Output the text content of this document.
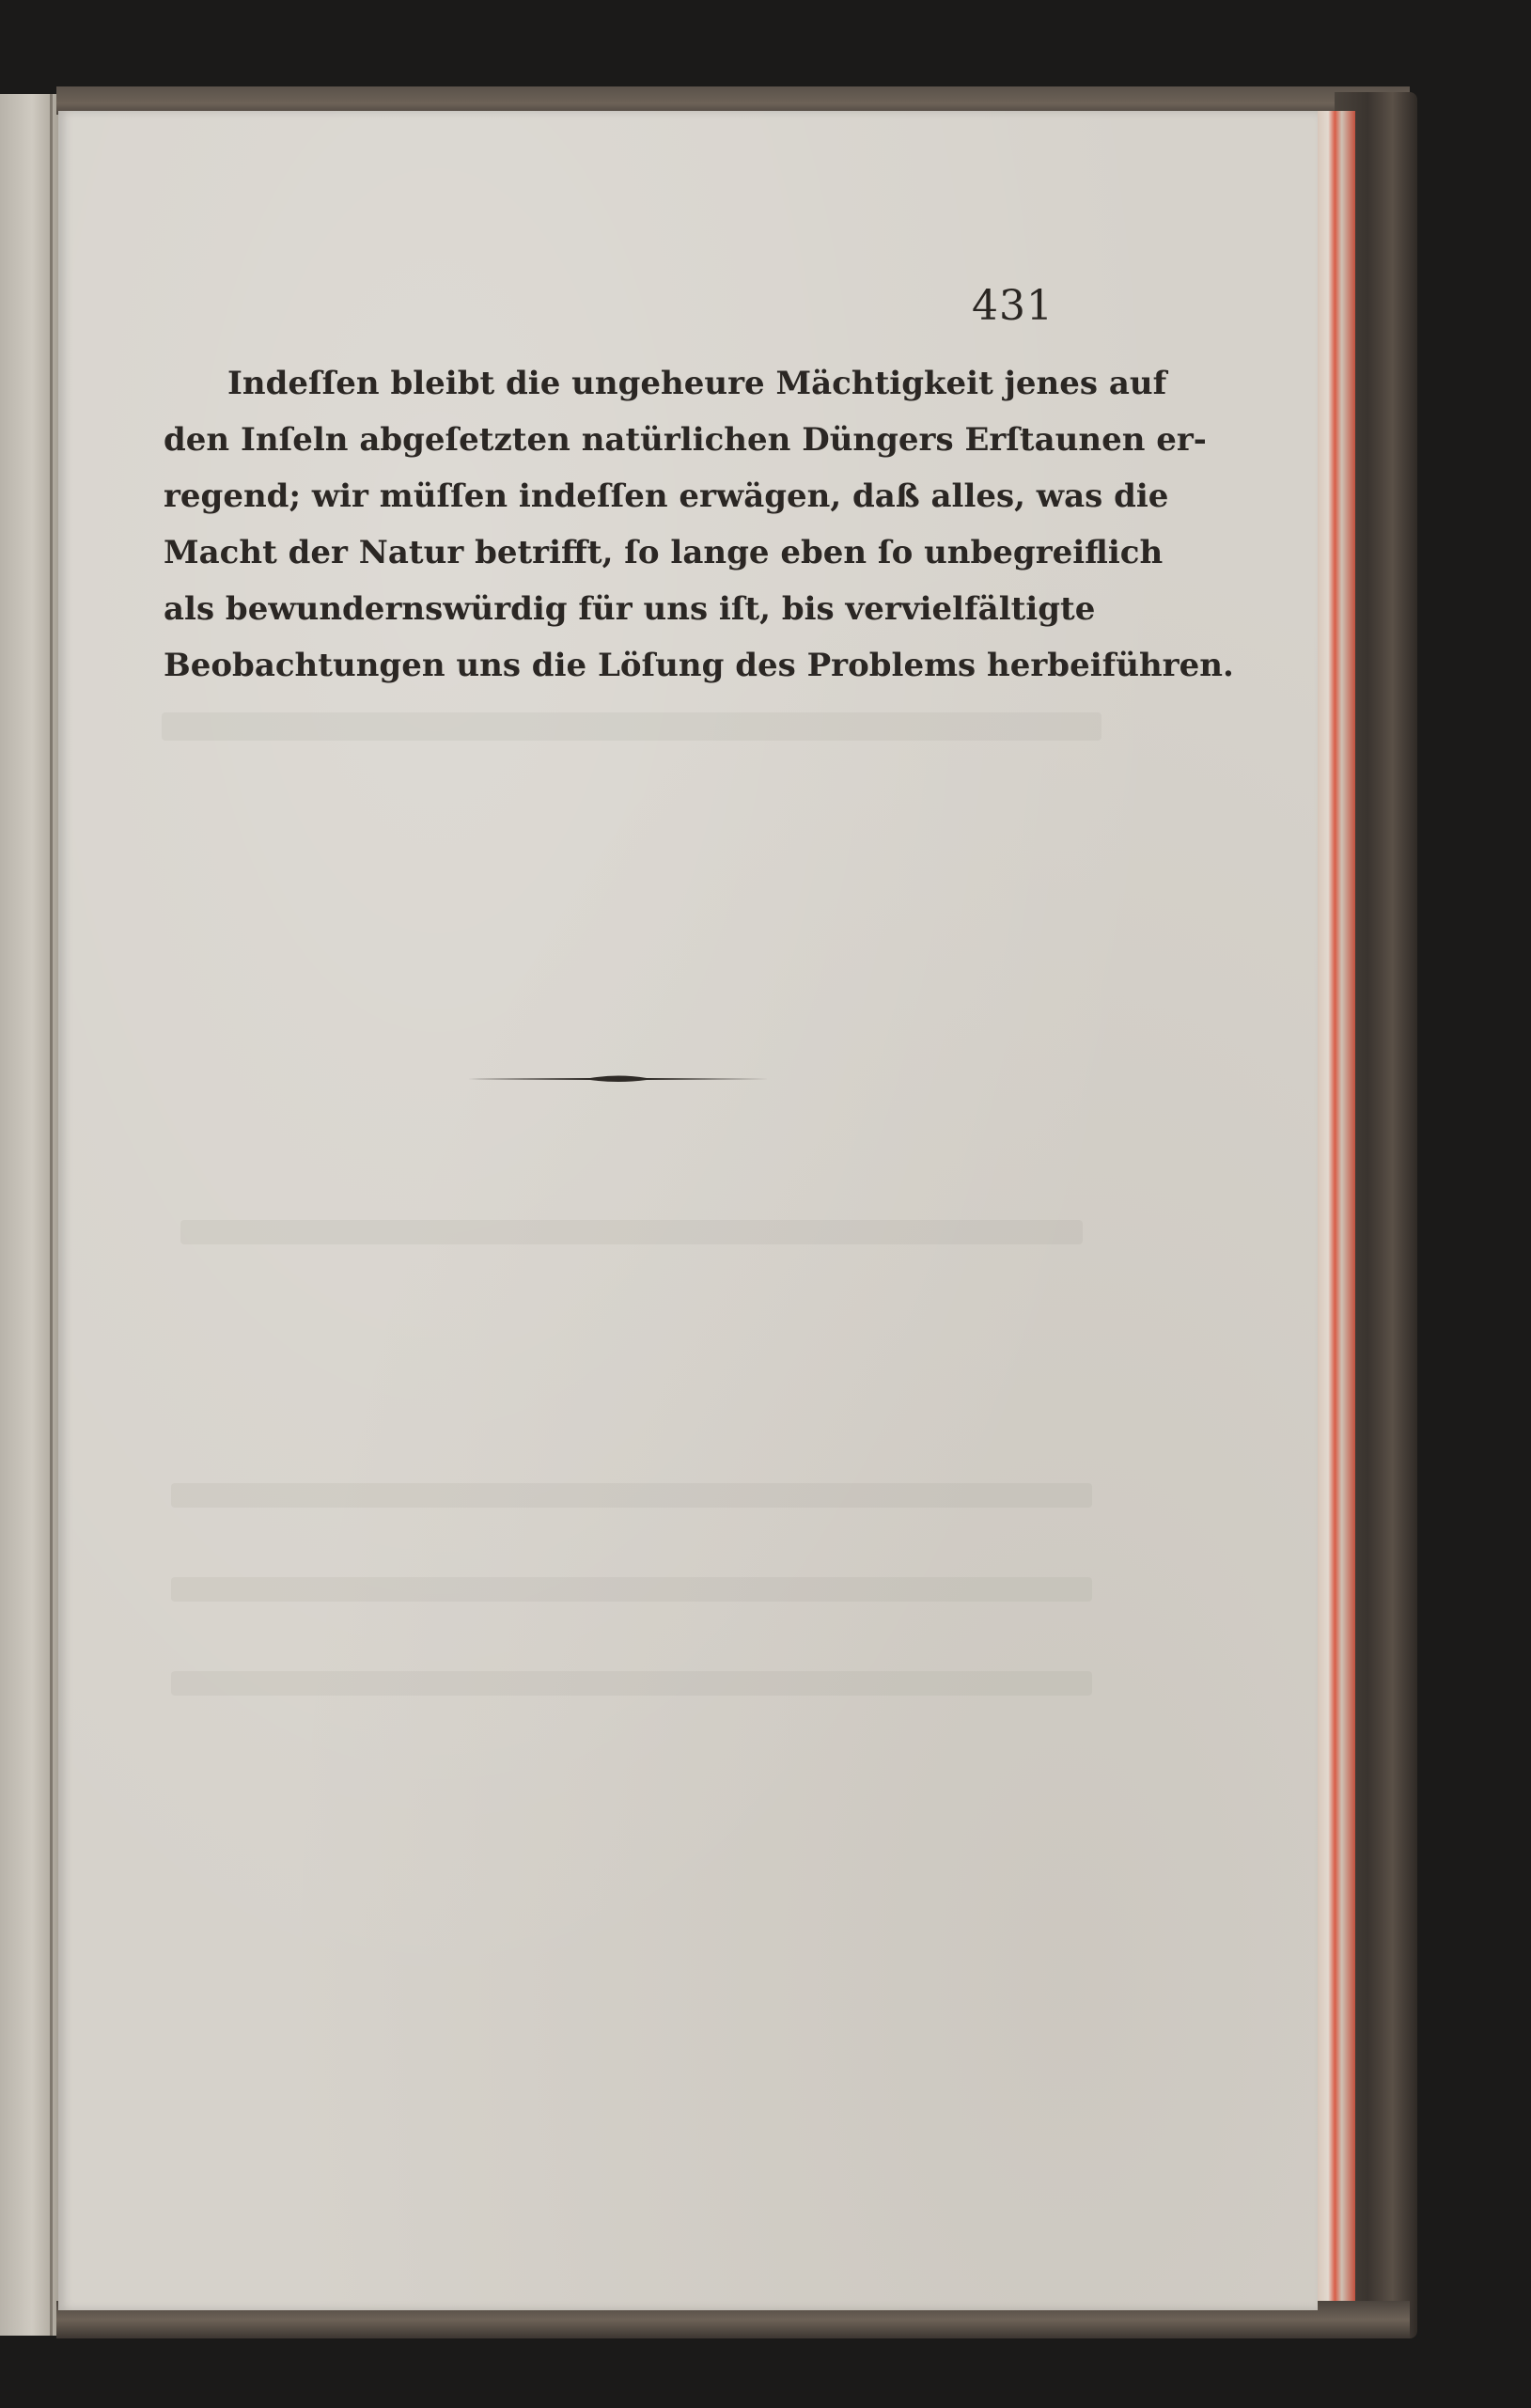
431
Indeſſen bleibt die ungeheure Mächtigkeit jenes auf
den Inſeln abgeſetzten natürlichen Düngers Erſtaunen er-
regend; wir müſſen indeſſen erwägen, daß alles, was die
Macht der Natur betrifft, ſo lange eben ſo unbegreiflich
als bewundernswürdig für uns iſt, bis vervielfältigte
Beobachtungen uns die Löſung des Problems herbeiführen.
